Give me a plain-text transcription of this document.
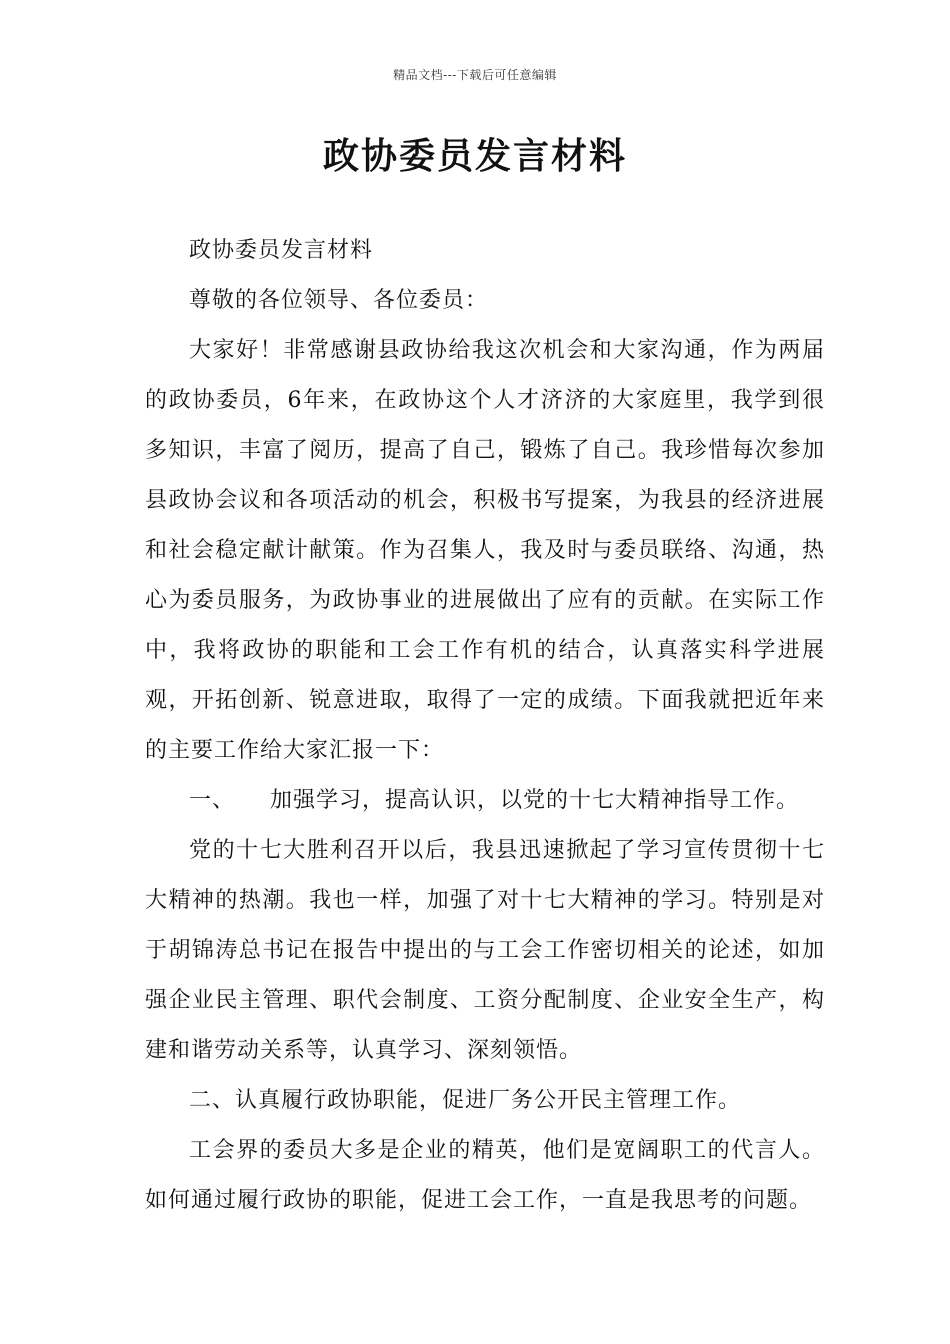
精品文档---下载后可任意编辑
政协委员发言材料

政协委员发言材料

尊敬的各位领导、各位委员：

大家好！非常感谢县政协给我这次机会和大家沟通，作为两届的政协委员，6年来，在政协这个人才济济的大家庭里，我学到很多知识，丰富了阅历，提高了自己，锻炼了自己。我珍惜每次参加县政协会议和各项活动的机会，积极书写提案，为我县的经济进展和社会稳定献计献策。作为召集人，我及时与委员联络、沟通，热心为委员服务，为政协事业的进展做出了应有的贡献。在实际工作中，我将政协的职能和工会工作有机的结合，认真落实科学进展观，开拓创新、锐意进取，取得了一定的成绩。下面我就把近年来的主要工作给大家汇报一下：

一、　　加强学习，提高认识，以党的十七大精神指导工作。

党的十七大胜利召开以后，我县迅速掀起了学习宣传贯彻十七大精神的热潮。我也一样，加强了对十七大精神的学习。特别是对于胡锦涛总书记在报告中提出的与工会工作密切相关的论述，如加强企业民主管理、职代会制度、工资分配制度、企业安全生产，构建和谐劳动关系等，认真学习、深刻领悟。

二、认真履行政协职能，促进厂务公开民主管理工作。

工会界的委员大多是企业的精英，他们是宽阔职工的代言人。如何通过履行政协的职能，促进工会工作，一直是我思考的问题。
